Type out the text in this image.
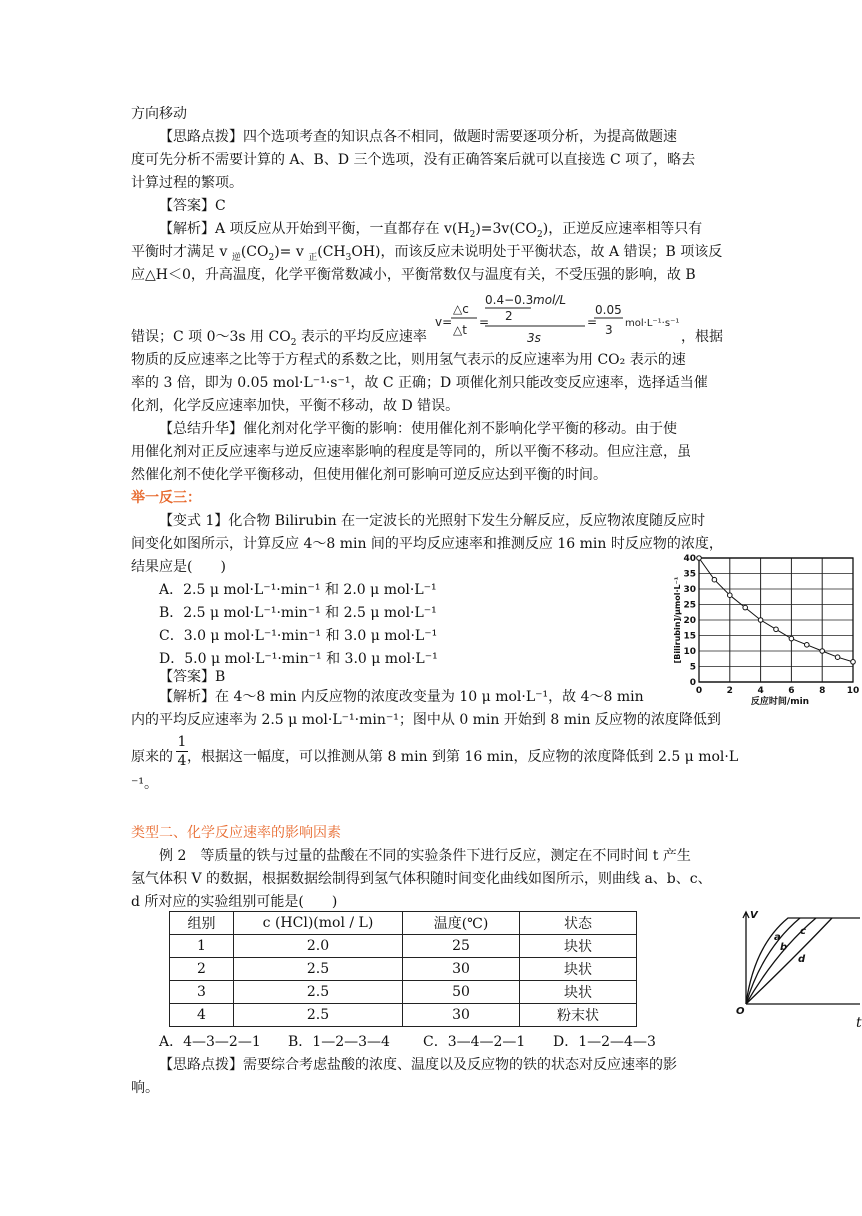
方向移动
【思路点拨】四个选项考查的知识点各不相同，做题时需要逐项分析，为提高做题速
度可先分析不需要计算的 A、B、D 三个选项，没有正确答案后就可以直接选 C 项了，略去
计算过程的繁项。
【答案】C
【解析】A 项反应从开始到平衡，一直都存在 $v(H_2)=3v(CO_2)$，正逆反应速率相等只有
平衡时才满足 v $_逆(CO_2)= v$ $_正(CH_3OH)$，而该反应未说明处于平衡状态，故 A 错误；B 项该反
应△H＜0，升高温度，化学平衡常数减小，平衡常数仅与温度有关，不受压强的影响，故 B
错误；C 项 0～3s 用 $CO_2$ 表示的平均反应速率	，根据
v=
△c
△t
=
0.4−0.3 mol/L
2
3s
=
0.05
3 mol·L⁻¹·s⁻¹
物质的反应速率之比等于方程式的系数之比，则用氢气表示的反应速率为用 CO₂ 表示的速
率的 3 倍，即为 0.05 mol·L⁻¹·s⁻¹，故 C 正确；D 项催化剂只能改变反应速率，选择适当催
化剂，化学反应速率加快，平衡不移动，故 D 错误。
【总结升华】催化剂对化学平衡的影响：使用催化剂不影响化学平衡的移动。由于使
用催化剂对正反应速率与逆反应速率影响的程度是等同的，所以平衡不移动。但应注意，虽
然催化剂不使化学平衡移动，但使用催化剂可影响可逆反应达到平衡的时间。
举一反三：
【变式 1】化合物 Bilirubin 在一定波长的光照射下发生分解反应，反应物浓度随反应时
间变化如图所示，计算反应 4～8 min 间的平均反应速率和推测反应 16 min 时反应物的浓度，
结果应是(　　)
A．2.5 μ mol·L⁻¹·min⁻¹ 和 2.0 μ mol·L⁻¹
B．2.5 μ mol·L⁻¹·min⁻¹ 和 2.5 μ mol·L⁻¹
C．3.0 μ mol·L⁻¹·min⁻¹ 和 3.0 μ mol·L⁻¹
D．5.0 μ mol·L⁻¹·min⁻¹ 和 3.0 μ mol·L⁻¹
【答案】B
【解析】在 4～8 min 内反应物的浓度改变量为 10 μ mol·L⁻¹，故 4～8 min
内的平均反应速率为 2.5 μ mol·L⁻¹·min⁻¹；图中从 0 min 开始到 8 min 反应物的浓度降低到
原来的 ，根据这一幅度，可以推测从第 8 min 到第 16 min，反应物的浓度降低到 2.5 μ mol·L
$\frac{1}{4}$
⁻¹。
0	2	4	6	8 10
0
5
10
15
20
25
30
35
40
反应时间/min
[Bilirubin]/μmol·L⁻¹
类型二、化学反应速率的影响因素
例 2　等质量的铁与过量的盐酸在不同的实验条件下进行反应，测定在不同时间 t 产生
氢气体积 V 的数据，根据数据绘制得到氢气体积随时间变化曲线如图所示，则曲线 a、b、c、
d 所对应的实验组别可能是(　　)
组别	c (HCl)(mol / L)	温度(℃)	状态
1	2.0	25	块状
2	2.5	30	块状
3	2.5	50	块状
4	2.5	30	粉末状
A．4—3—2—1 B．1—2—3—4 C．3—4—2—1 D．1—2—4—3
【思路点拨】需要综合考虑盐酸的浓度、温度以及反应物的铁的状态对反应速率的影
响。
V
O
a
b
c
d
t
